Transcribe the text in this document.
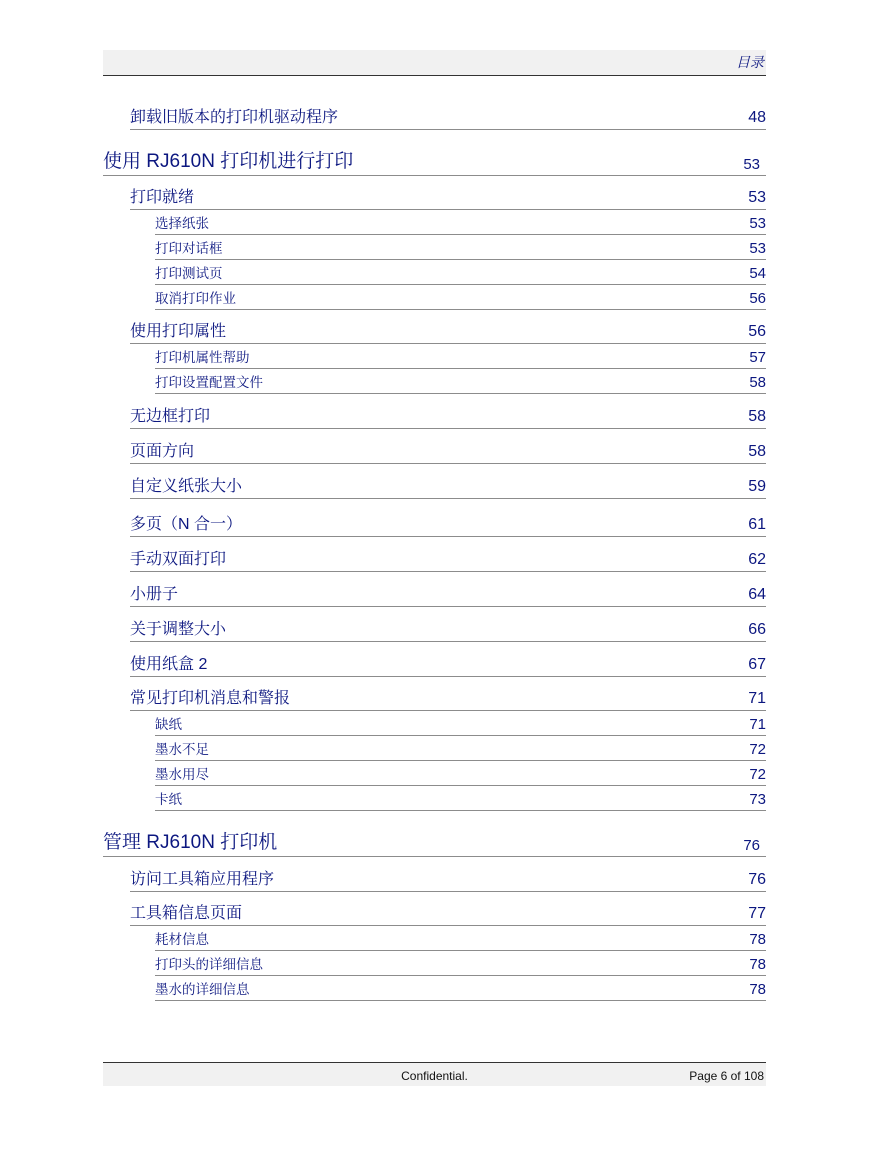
目录
卸载旧版本的打印机驱动程序	48
使用 RJ610N 打印机进行打印	53
打印就绪	53
选择纸张	53
打印对话框	53
打印测试页	54
取消打印作业	56
使用打印属性	56
打印机属性帮助	57
打印设置配置文件	58
无边框打印	58
页面方向	58
自定义纸张大小	59
多页（N 合一）	61
手动双面打印	62
小册子	64
关于调整大小	66
使用纸盒 2	67
常见打印机消息和警报	71
缺纸	71
墨水不足	72
墨水用尽	72
卡纸	73
管理 RJ610N 打印机	76
访问工具箱应用程序	76
工具箱信息页面	77
耗材信息	78
打印头的详细信息	78
墨水的详细信息	78
Confidential.	Page 6 of 108
